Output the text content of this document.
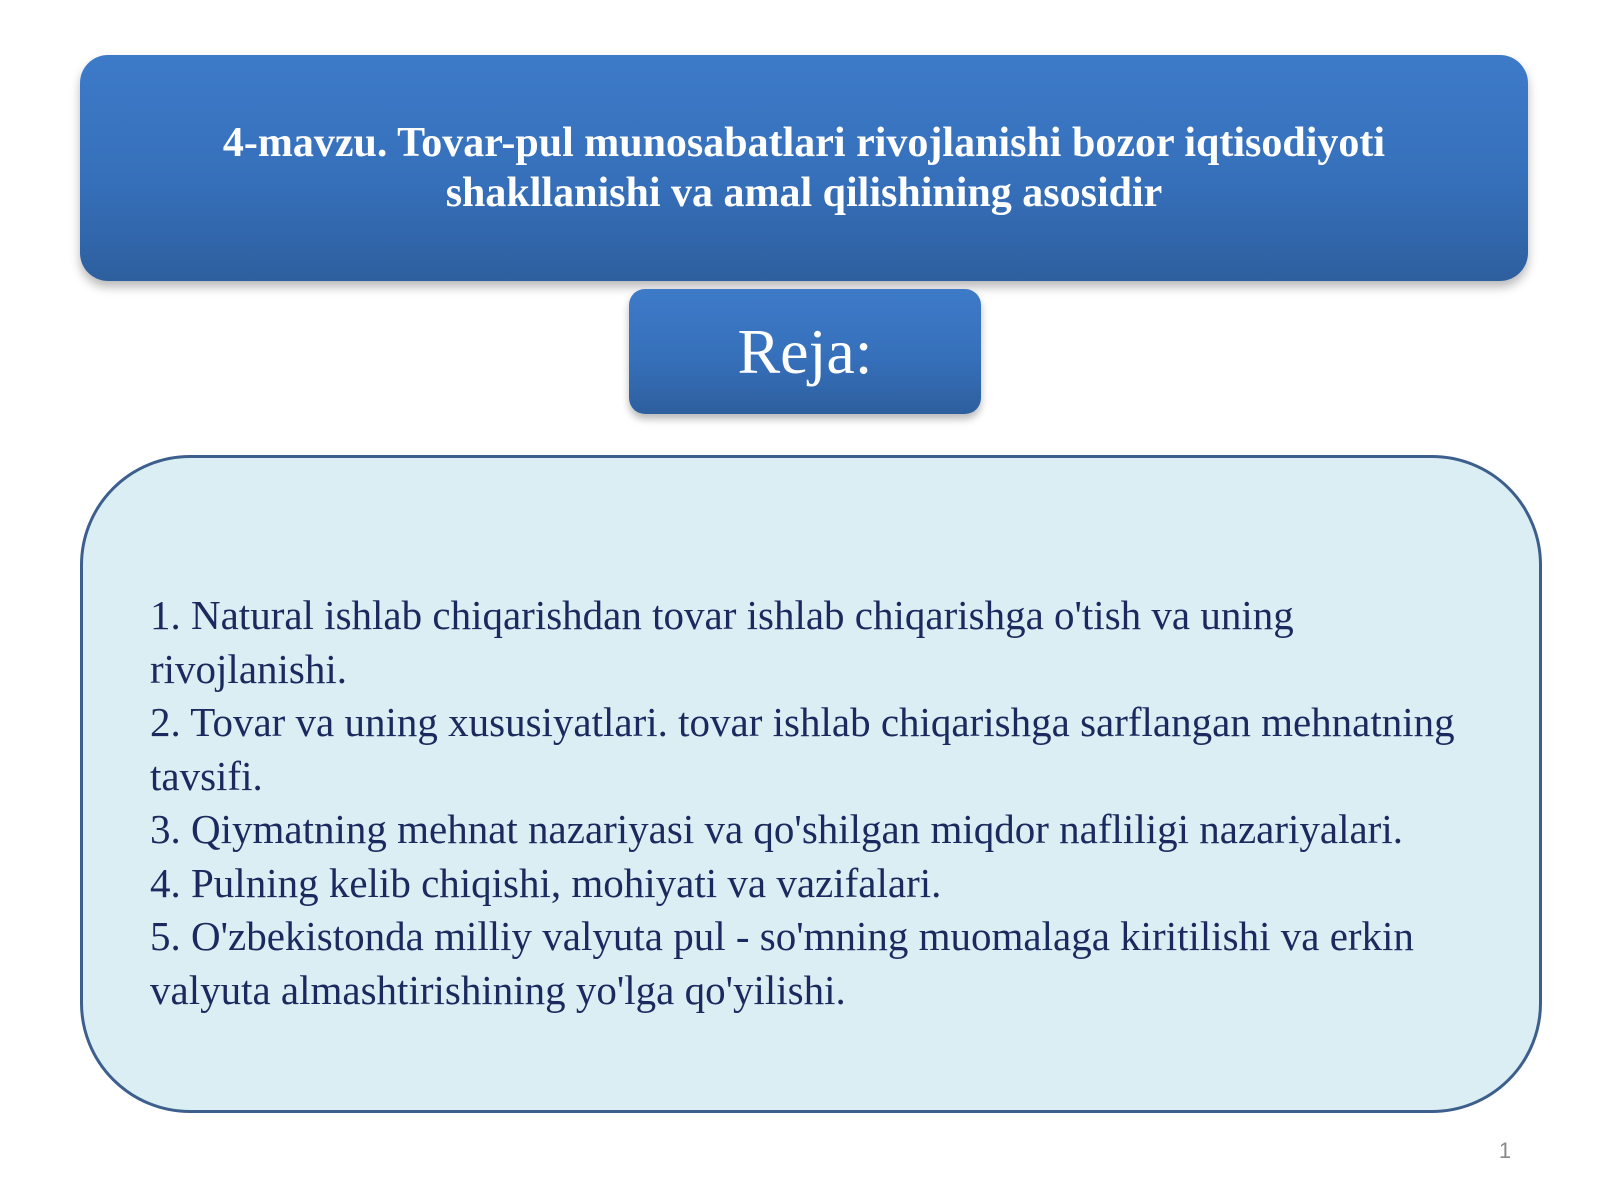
4-mavzu. Tovar-pul munosabatlari rivojlanishi bozor iqtisodiyoti
shakllanishi va amal qilishining asosidir
Reja:
1. Natural ishlab chiqarishdan tovar ishlab chiqarishga o'tish va uning rivojlanishi.
2. Tovar va uning xususiyatlari. tovar ishlab chiqarishga sarflangan mehnatning tavsifi.
3. Qiymatning mehnat nazariyasi va qo'shilgan miqdor nafliligi nazariyalari.
4. Pulning kelib chiqishi, mohiyati va vazifalari.
5. O'zbekistonda milliy valyuta pul - so'mning muomalaga kiritilishi va erkin valyuta almashtirishining yo'lga qo'yilishi.
1
